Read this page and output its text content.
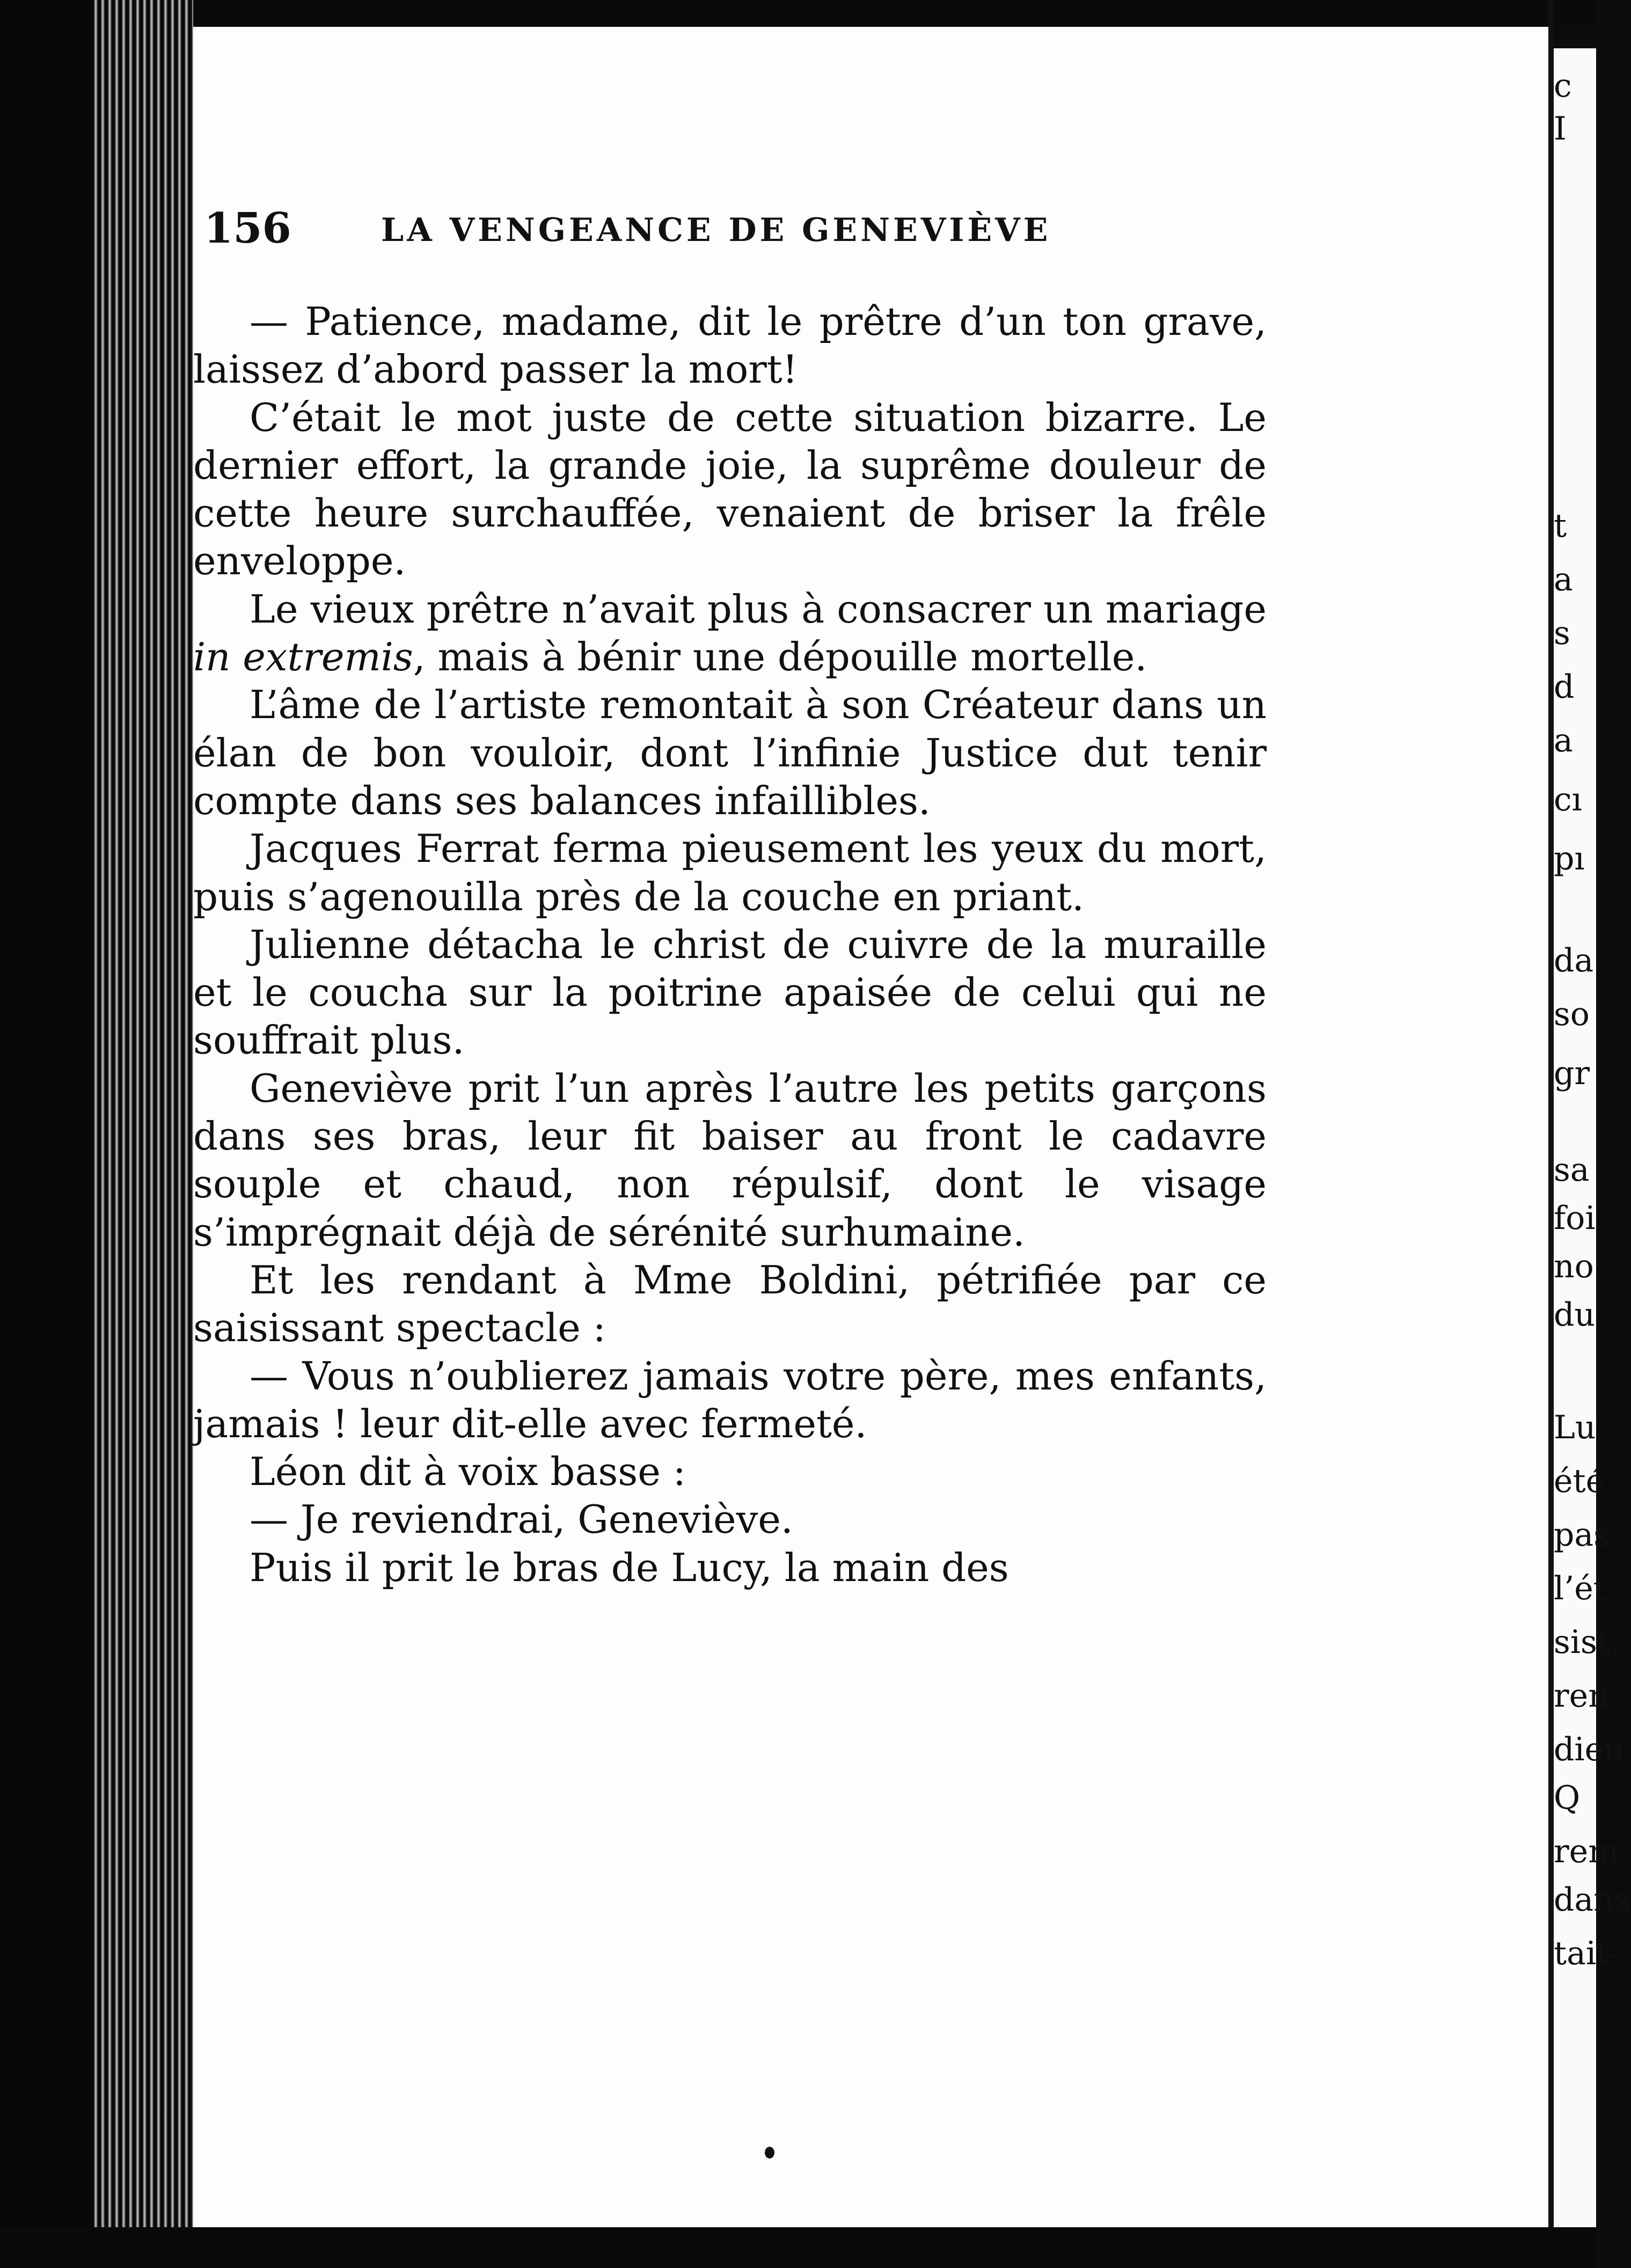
156	LA VENGEANCE DE GENEVIÈVE

— Patience, madame, dit le prêtre d’un ton grave, laissez d’abord passer la mort!

C’était le mot juste de cette situation bizarre. Le dernier effort, la grande joie, la suprême douleur de cette heure surchauffée, venaient de briser la frêle enveloppe.

Le vieux prêtre n’avait plus à consacrer un mariage in extremis, mais à bénir une dépouille mortelle.

L’âme de l’artiste remontait à son Créateur dans un élan de bon vouloir, dont l’infinie Justice dut tenir compte dans ses balances infaillibles.

Jacques Ferrat ferma pieusement les yeux du mort, puis s’agenouilla près de la couche en priant.

Julienne détacha le christ de cuivre de la muraille et le coucha sur la poitrine apaisée de celui qui ne souffrait plus.

Geneviève prit l’un après l’autre les petits garçons dans ses bras, leur fit baiser au front le cadavre souple et chaud, non répulsif, dont le visage s’imprégnait déjà de sérénité surhumaine.

Et les rendant à Mme Boldini, pétrifiée par ce saisissant spectacle :

— Vous n’oublierez jamais votre père, mes enfants, jamais ! leur dit-elle avec fermeté.

Léon dit à voix basse :

— Je reviendrai, Geneviève.

Puis il prit le bras de Lucy, la main des

c
I
t
a
s
d
a
cı
pı
da
so
gr
sa
foi
no
du
Lu
été
pas
l’ét
sist.
ren
dieu
Q
rem
dans
tait-
